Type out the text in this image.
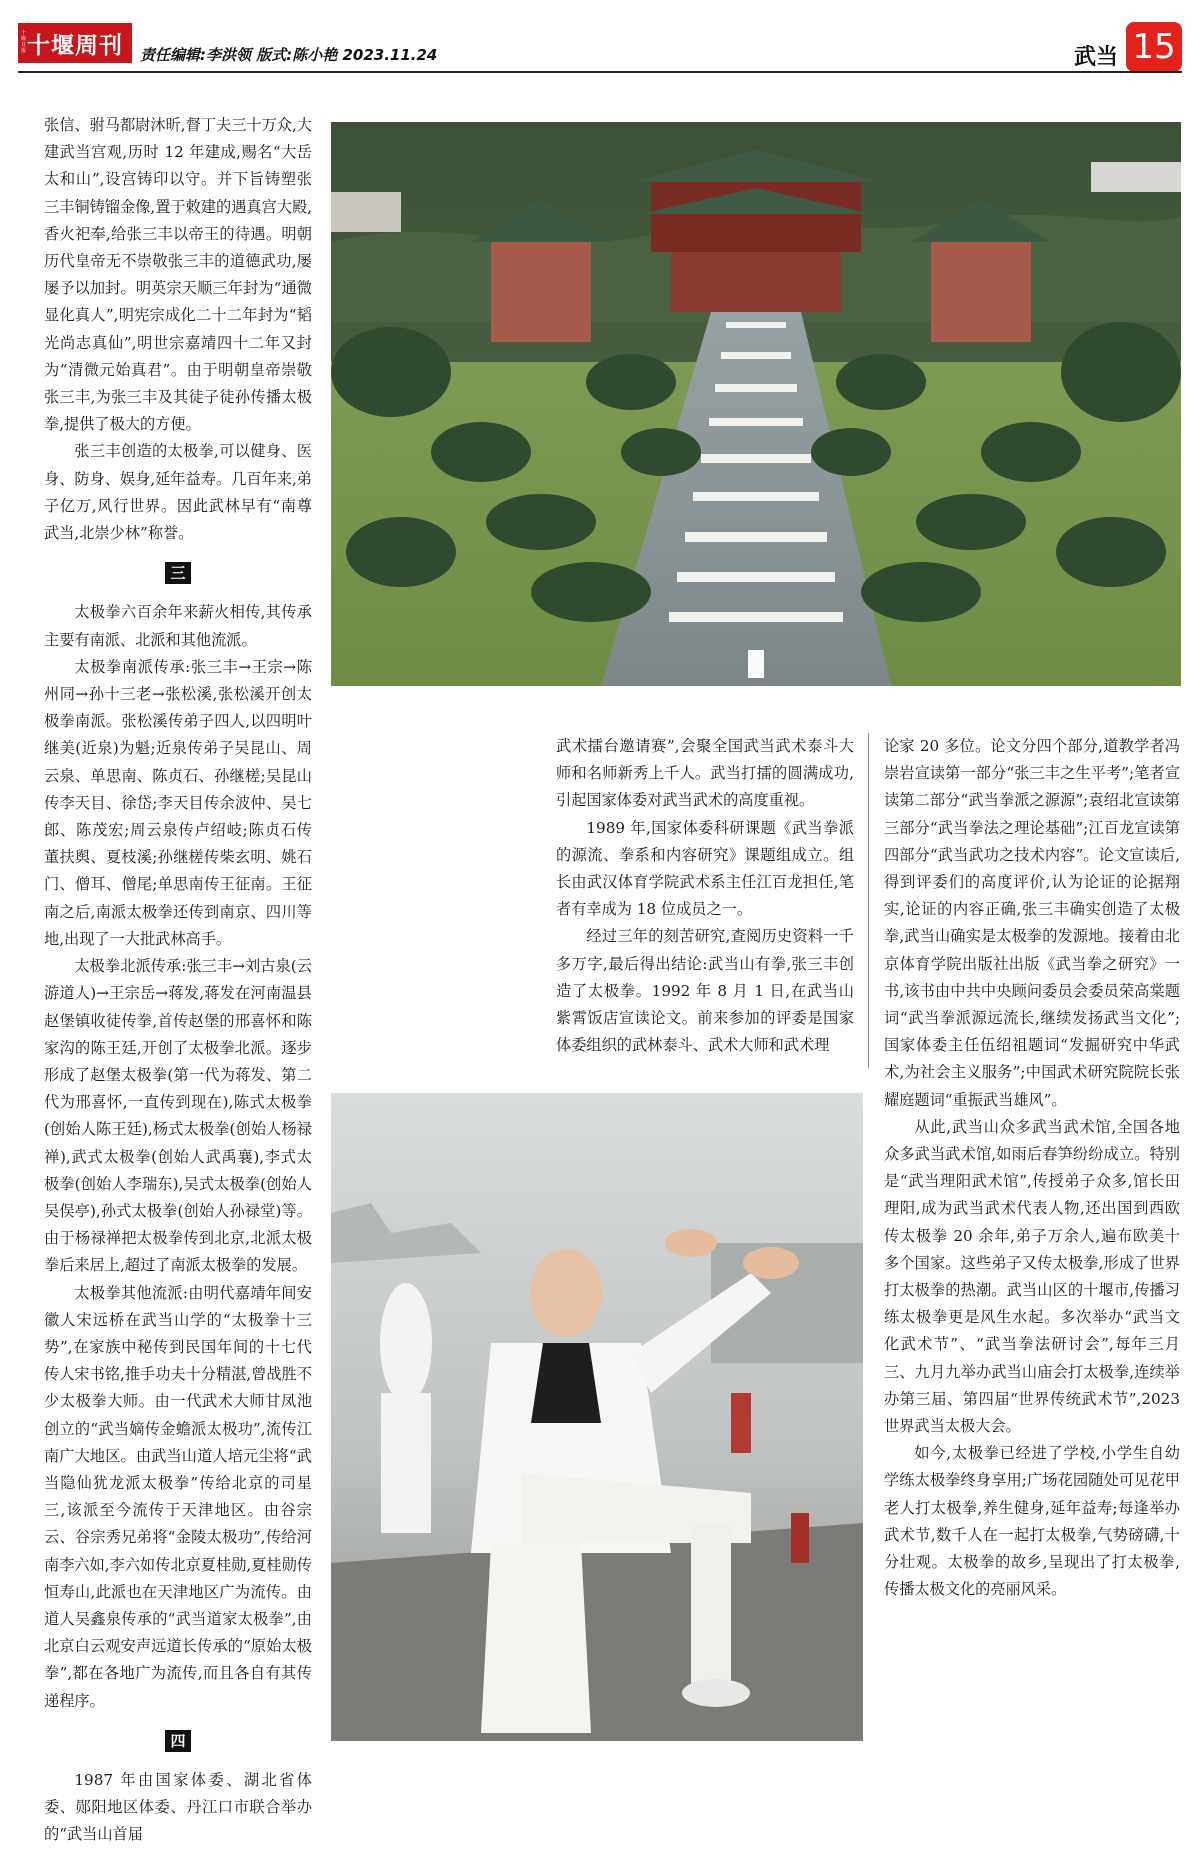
十堰日报 十堰周刊 责任编辑:李洪领 版式:陈小艳 2023.11.24	武当 15

张信、驸马都尉沐昕,督丁夫三十万众,大建武当宫观,历时 12 年建成,赐名“大岳太和山”,设宫铸印以守。并下旨铸塑张三丰铜铸镏金像,置于敕建的遇真宫大殿,香火祀奉,给张三丰以帝王的待遇。明朝历代皇帝无不崇敬张三丰的道德武功,屡屡予以加封。明英宗天顺三年封为“通微显化真人”,明宪宗成化二十二年封为“韬光尚志真仙”,明世宗嘉靖四十二年又封为“清微元始真君”。由于明朝皇帝崇敬张三丰,为张三丰及其徒子徒孙传播太极拳,提供了极大的方便。

张三丰创造的太极拳,可以健身、医身、防身、娱身,延年益寿。几百年来,弟子亿万,风行世界。因此武林早有“南尊武当,北崇少林”称誉。

三

太极拳六百余年来薪火相传,其传承主要有南派、北派和其他流派。

太极拳南派传承:张三丰→王宗→陈州同→孙十三老→张松溪,张松溪开创太极拳南派。张松溪传弟子四人,以四明叶继美(近泉)为魁;近泉传弟子吴昆山、周云泉、单思南、陈贞石、孙继槎;吴昆山传李天目、徐岱;李天目传余波仲、吴七郎、陈茂宏;周云泉传卢绍岐;陈贞石传董扶舆、夏枝溪;孙继槎传柴玄明、姚石门、僧耳、僧尾;单思南传王征南。王征南之后,南派太极拳还传到南京、四川等地,出现了一大批武林高手。

太极拳北派传承:张三丰→刘古泉(云游道人)→王宗岳→蒋发,蒋发在河南温县赵堡镇收徒传拳,首传赵堡的邢喜怀和陈家沟的陈王廷,开创了太极拳北派。逐步形成了赵堡太极拳(第一代为蒋发、第二代为邢喜怀,一直传到现在),陈式太极拳(创始人陈王廷),杨式太极拳(创始人杨禄禅),武式太极拳(创始人武禹襄),李式太极拳(创始人李瑞东),吴式太极拳(创始人吴俣亭),孙式太极拳(创始人孙禄堂)等。由于杨禄禅把太极拳传到北京,北派太极拳后来居上,超过了南派太极拳的发展。

太极拳其他流派:由明代嘉靖年间安徽人宋远桥在武当山学的“太极拳十三势”,在家族中秘传到民国年间的十七代传人宋书铭,推手功夫十分精湛,曾战胜不少太极拳大师。由一代武术大师甘凤池创立的“武当嫡传金蟾派太极功”,流传江南广大地区。由武当山道人培元尘将“武当隐仙犹龙派太极拳”传给北京的司星三,该派至今流传于天津地区。由谷宗云、谷宗秀兄弟将“金陵太极功”,传给河南李六如,李六如传北京夏桂勋,夏桂勋传恒寿山,此派也在天津地区广为流传。由道人吴鑫泉传承的“武当道家太极拳”,由北京白云观安声远道长传承的“原始太极拳”,都在各地广为流传,而且各自有其传递程序。

四

1987 年由国家体委、湖北省体委、郧阳地区体委、丹江口市联合举办的“武当山首届

武术擂台邀请赛”,会聚全国武当武术泰斗大师和名师新秀上千人。武当打擂的圆满成功,引起国家体委对武当武术的高度重视。

1989 年,国家体委科研课题《武当拳派的源流、拳系和内容研究》课题组成立。组长由武汉体育学院武术系主任江百龙担任,笔者有幸成为 18 位成员之一。

经过三年的刻苦研究,查阅历史资料一千多万字,最后得出结论:武当山有拳,张三丰创造了太极拳。1992 年 8 月 1 日,在武当山紫霄饭店宣读论文。前来参加的评委是国家体委组织的武林泰斗、武术大师和武术理

论家 20 多位。论文分四个部分,道教学者冯崇岩宣读第一部分“张三丰之生平考”;笔者宣读第二部分“武当拳派之源源”;袁绍北宣读第三部分“武当拳法之理论基础”;江百龙宣读第四部分“武当武功之技术内容”。论文宣读后,得到评委们的高度评价,认为论证的论据翔实,论证的内容正确,张三丰确实创造了太极拳,武当山确实是太极拳的发源地。接着由北京体育学院出版社出版《武当拳之研究》一书,该书由中共中央顾问委员会委员荣高棠题词“武当拳派源远流长,继续发扬武当文化”;国家体委主任伍绍祖题词“发掘研究中华武术,为社会主义服务”;中国武术研究院院长张耀庭题词“重振武当雄风”。

从此,武当山众多武当武术馆,全国各地众多武当武术馆,如雨后春笋纷纷成立。特别是“武当理阳武术馆”,传授弟子众多,馆长田理阳,成为武当武术代表人物,还出国到西欧传太极拳 20 余年,弟子万余人,遍布欧美十多个国家。这些弟子又传太极拳,形成了世界打太极拳的热潮。武当山区的十堰市,传播习练太极拳更是风生水起。多次举办“武当文化武术节”、“武当拳法研讨会”,每年三月三、九月九举办武当山庙会打太极拳,连续举办第三届、第四届“世界传统武术节”,2023 世界武当太极大会。

如今,太极拳已经进了学校,小学生自幼学练太极拳终身享用;广场花园随处可见花甲老人打太极拳,养生健身,延年益寿;每逢举办武术节,数千人在一起打太极拳,气势磅礴,十分壮观。太极拳的故乡,呈现出了打太极拳,传播太极文化的亮丽风采。
